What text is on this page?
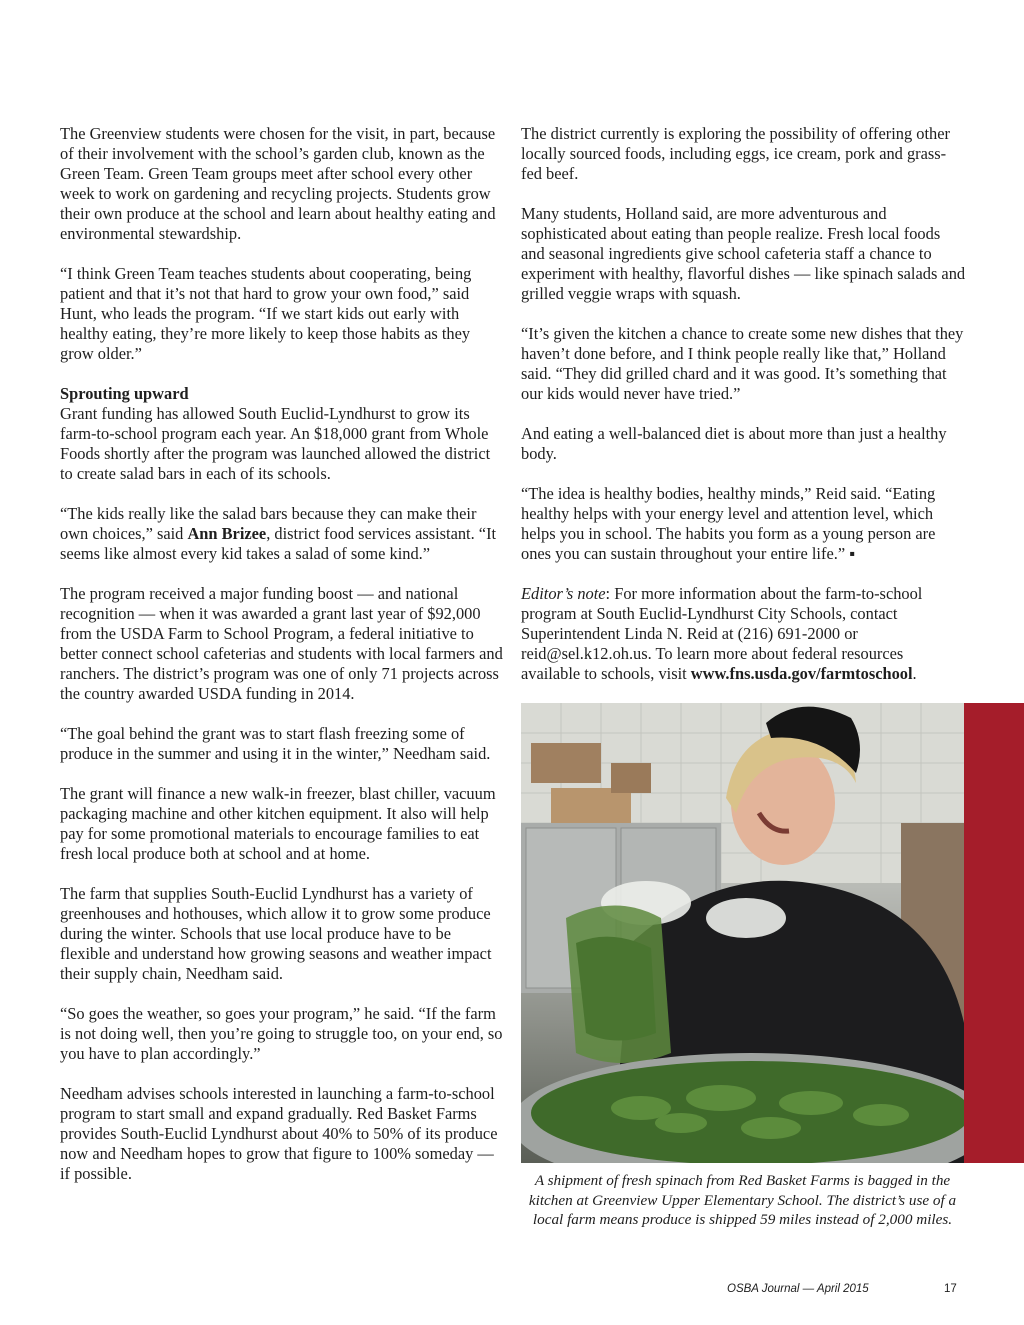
The Greenview students were chosen for the visit, in part, because of their involvement with the school’s garden club, known as the Green Team. Green Team groups meet after school every other week to work on gardening and recycling projects. Students grow their own produce at the school and learn about healthy eating and environmental stewardship.

“I think Green Team teaches students about cooperating, being patient and that it’s not that hard to grow your own food,” said Hunt, who leads the program. “If we start kids out early with healthy eating, they’re more likely to keep those habits as they grow older.”

Sprouting upward
Grant funding has allowed South Euclid-Lyndhurst to grow its farm-to-school program each year. An $18,000 grant from Whole Foods shortly after the program was launched allowed the district to create salad bars in each of its schools.

“The kids really like the salad bars because they can make their own choices,” said Ann Brizee, district food services assistant. “It seems like almost every kid takes a salad of some kind.”

The program received a major funding boost — and national recognition — when it was awarded a grant last year of $92,000 from the USDA Farm to School Program, a federal initiative to better connect school cafeterias and students with local farmers and ranchers. The district’s program was one of only 71 projects across the country awarded USDA funding in 2014.

“The goal behind the grant was to start flash freezing some of produce in the summer and using it in the winter,” Needham said.

The grant will finance a new walk-in freezer, blast chiller, vacuum packaging machine and other kitchen equipment. It also will help pay for some promotional materials to encourage families to eat fresh local produce both at school and at home.

The farm that supplies South-Euclid Lyndhurst has a variety of greenhouses and hothouses, which allow it to grow some produce during the winter. Schools that use local produce have to be flexible and understand how growing seasons and weather impact their supply chain, Needham said.

“So goes the weather, so goes your program,” he said. “If the farm is not doing well, then you’re going to struggle too, on your end, so you have to plan accordingly.”

Needham advises schools interested in launching a farm-to-school program to start small and expand gradually. Red Basket Farms provides South-Euclid Lyndhurst about 40% to 50% of its produce now and Needham hopes to grow that figure to 100% someday — if possible.

The district currently is exploring the possibility of offering other locally sourced foods, including eggs, ice cream, pork and grass-fed beef.

Many students, Holland said, are more adventurous and sophisticated about eating than people realize. Fresh local foods and seasonal ingredients give school cafeteria staff a chance to experiment with healthy, flavorful dishes — like spinach salads and grilled veggie wraps with squash.

“It’s given the kitchen a chance to create some new dishes that they haven’t done before, and I think people really like that,” Holland said. “They did grilled chard and it was good. It’s something that our kids would never have tried.”

And eating a well-balanced diet is about more than just a healthy body.

“The idea is healthy bodies, healthy minds,” Reid said. “Eating healthy helps with your energy level and attention level, which helps you in school. The habits you form as a young person are ones you can sustain throughout your entire life.” ▪

Editor’s note: For more information about the farm-to-school program at South Euclid-Lyndhurst City Schools, contact Superintendent Linda N. Reid at (216) 691-2000 or reid@sel.k12.oh.us. To learn more about federal resources available to schools, visit www.fns.usda.gov/farmtoschool.

A shipment of fresh spinach from Red Basket Farms is bagged in the kitchen at Greenview Upper Elementary School. The district’s use of a local farm means produce is shipped 59 miles instead of 2,000 miles.
OSBA Journal — April 2015	17
